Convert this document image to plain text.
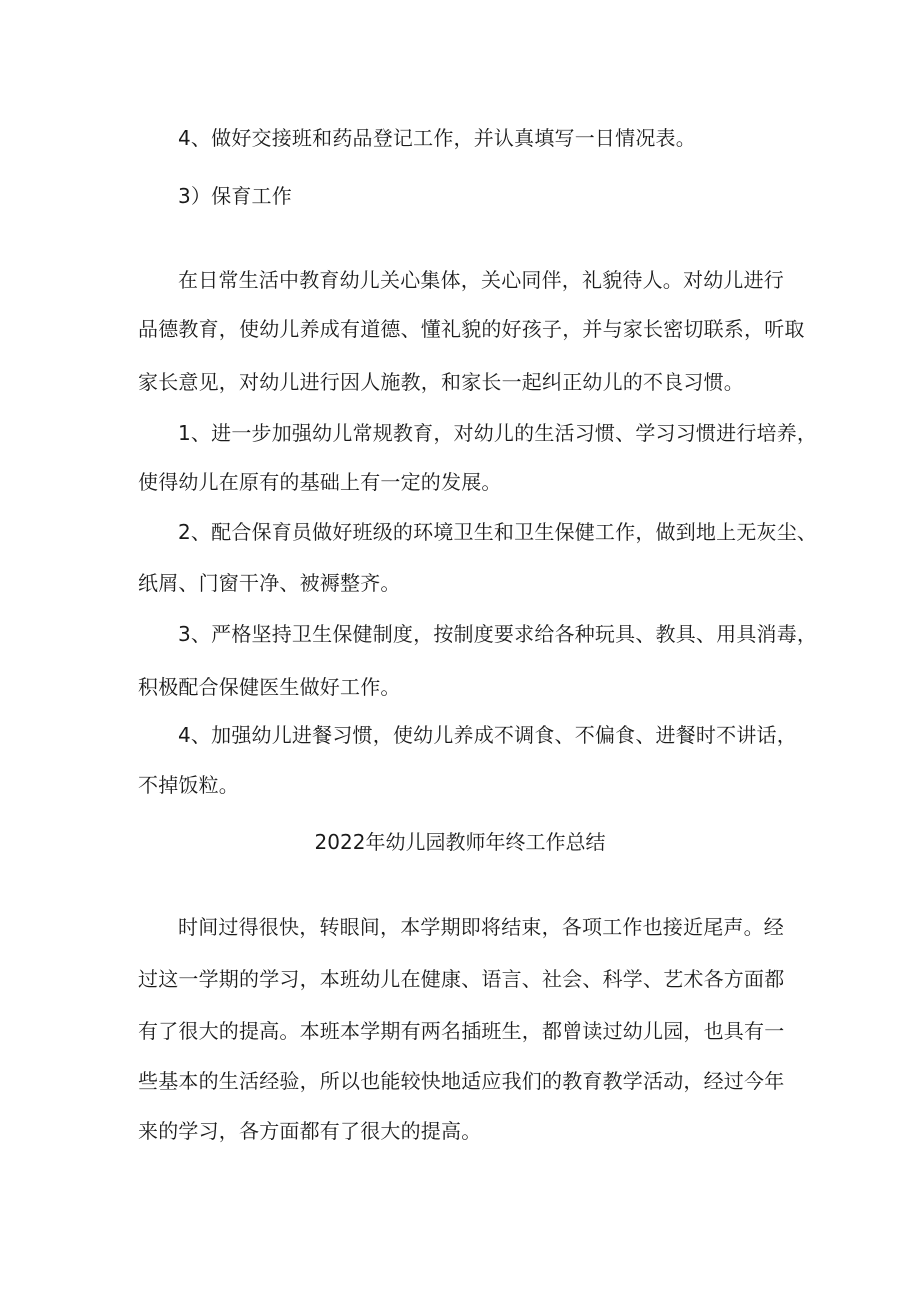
4、做好交接班和药品登记工作，并认真填写一日情况表。
3）保育工作
在日常生活中教育幼儿关心集体，关心同伴，礼貌待人。对幼儿进行
品德教育，使幼儿养成有道德、懂礼貌的好孩子，并与家长密切联系，听取
家长意见，对幼儿进行因人施教，和家长一起纠正幼儿的不良习惯。
1、进一步加强幼儿常规教育，对幼儿的生活习惯、学习习惯进行培养，
使得幼儿在原有的基础上有一定的发展。
2、配合保育员做好班级的环境卫生和卫生保健工作，做到地上无灰尘、
纸屑、门窗干净、被褥整齐。
3、严格坚持卫生保健制度，按制度要求给各种玩具、教具、用具消毒，
积极配合保健医生做好工作。
4、加强幼儿进餐习惯，使幼儿养成不调食、不偏食、进餐时不讲话，
不掉饭粒。
2022年幼儿园教师年终工作总结
时间过得很快，转眼间，本学期即将结束，各项工作也接近尾声。经
过这一学期的学习，本班幼儿在健康、语言、社会、科学、艺术各方面都
有了很大的提高。本班本学期有两名插班生，都曾读过幼儿园，也具有一
些基本的生活经验，所以也能较快地适应我们的教育教学活动，经过今年
来的学习，各方面都有了很大的提高。
